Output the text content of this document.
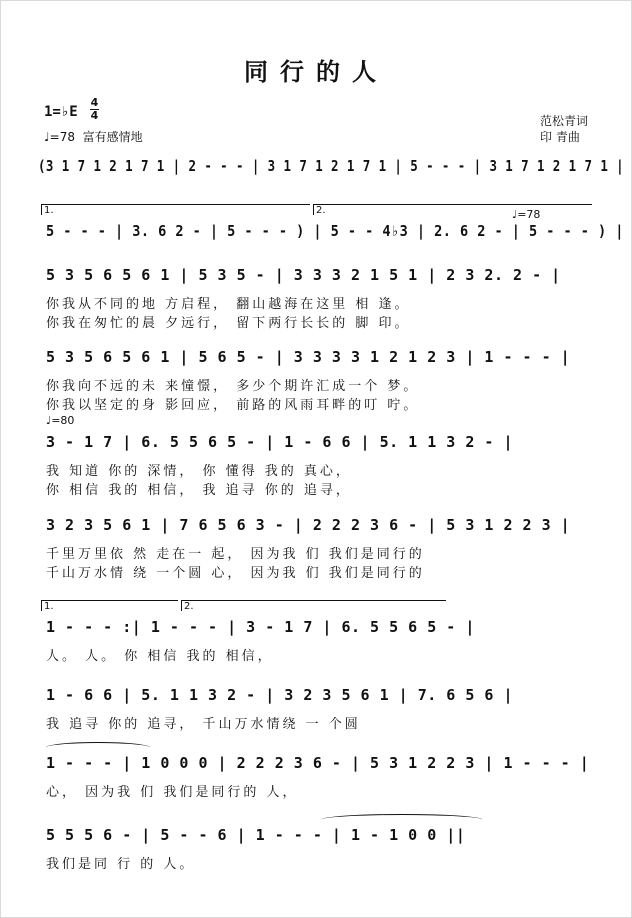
同行的人
1=♭E
4
4
♩=78 富有感情地
范松青词
印 青曲
(3 1 7 1 2 1 7 1 | 2 - - - | 3 1 7 1 2 1 7 1 | 5 - - - | 3 1 7 1 2 1 7 1 |
1.	2.	♩=78
5 - - - | 3. 6 2 - | 5 - - - ) | 5 - - 4♭3 | 2. 6 2 - | 5 - - - ) |
5 3 5 6 5 6 1 | 5 3 5 - | 3 3 3 2 1 5 1 | 2 3 2. 2 - |
你我从不同的地 方启程， 翻山越海在这里 相 逢。
你我在匆忙的晨 夕远行， 留下两行长长的 脚 印。
5 3 5 6 5 6 1 | 5 6 5 - | 3 3 3 3 1 2 1 2 3 | 1 - - - |
你我向不远的未 来憧憬， 多少个期许汇成一个 梦。
你我以坚定的身 影回应， 前路的风雨耳畔的叮 咛。
♩=80
3 - 1 7 | 6. 5 5 6 5 - | 1 - 6 6 | 5. 1 1 3 2 - |
我 知道 你的 深情， 你 懂得 我的 真心，
你 相信 我的 相信， 我 追寻 你的 追寻，
3 2 3 5 6 1 | 7 6 5 6 3 - | 2 2 2 3 6 - | 5 3 1 2 2 3 |
千里万里依 然 走在一 起， 因为我 们 我们是同行的
千山万水情 绕 一个圆 心， 因为我 们 我们是同行的
1.	2.
1 - - - :| 1 - - - | 3 - 1 7 | 6. 5 5 6 5 - |
人。 人。 你 相信 我的 相信，
1 - 6 6 | 5. 1 1 3 2 - | 3 2 3 5 6 1 | 7. 6 5 6 |
我 追寻 你的 追寻， 千山万水情绕 一 个圆
1 - - - | 1 0 0 0 | 2 2 2 3 6 - | 5 3 1 2 2 3 | 1 - - - |
心， 因为我 们 我们是同行的 人，
5 5 5 6 - | 5 - - 6 | 1 - - - | 1 - 1 0 0 ||
我们是同 行 的 人。
